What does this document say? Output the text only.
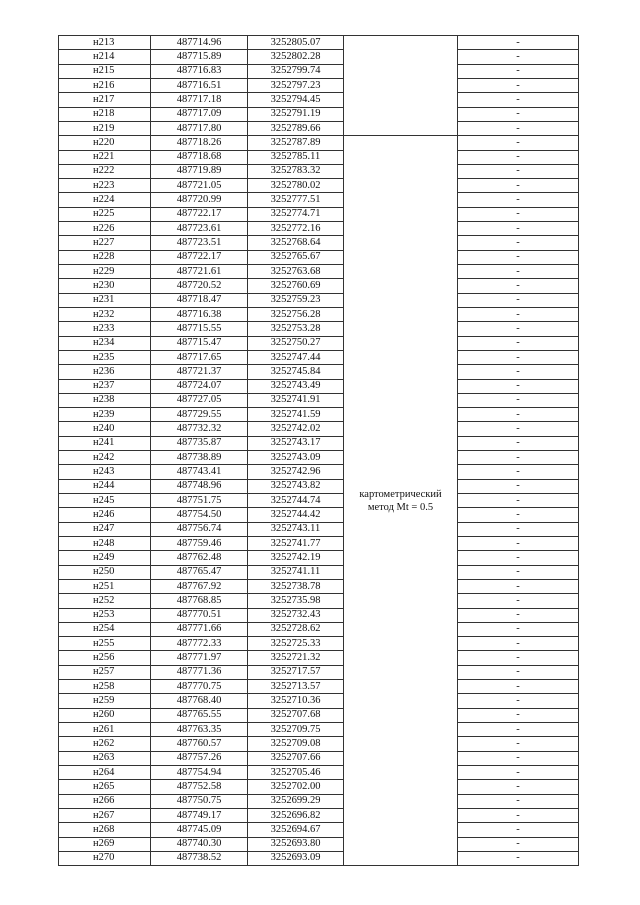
н213	487714.96	3252805.07		-
н214	487715.89	3252802.28		-
н215	487716.83	3252799.74		-
н216	487716.51	3252797.23		-
н217	487717.18	3252794.45		-
н218	487717.09	3252791.19		-
н219	487717.80	3252789.66		-
н220	487718.26	3252787.89	картометрический метод Mt = 0.5	-
н221	487718.68	3252785.11		-
н222	487719.89	3252783.32		-
н223	487721.05	3252780.02		-
н224	487720.99	3252777.51		-
н225	487722.17	3252774.71		-
н226	487723.61	3252772.16		-
н227	487723.51	3252768.64		-
н228	487722.17	3252765.67		-
н229	487721.61	3252763.68		-
н230	487720.52	3252760.69		-
н231	487718.47	3252759.23		-
н232	487716.38	3252756.28		-
н233	487715.55	3252753.28		-
н234	487715.47	3252750.27		-
н235	487717.65	3252747.44		-
н236	487721.37	3252745.84		-
н237	487724.07	3252743.49		-
н238	487727.05	3252741.91		-
н239	487729.55	3252741.59		-
н240	487732.32	3252742.02		-
н241	487735.87	3252743.17		-
н242	487738.89	3252743.09		-
н243	487743.41	3252742.96		-
н244	487748.96	3252743.82		-
н245	487751.75	3252744.74		-
н246	487754.50	3252744.42		-
н247	487756.74	3252743.11		-
н248	487759.46	3252741.77		-
н249	487762.48	3252742.19		-
н250	487765.47	3252741.11		-
н251	487767.92	3252738.78		-
н252	487768.85	3252735.98		-
н253	487770.51	3252732.43		-
н254	487771.66	3252728.62		-
н255	487772.33	3252725.33		-
н256	487771.97	3252721.32		-
н257	487771.36	3252717.57		-
н258	487770.75	3252713.57		-
н259	487768.40	3252710.36		-
н260	487765.55	3252707.68		-
н261	487763.35	3252709.75		-
н262	487760.57	3252709.08		-
н263	487757.26	3252707.66		-
н264	487754.94	3252705.46		-
н265	487752.58	3252702.00		-
н266	487750.75	3252699.29		-
н267	487749.17	3252696.82		-
н268	487745.09	3252694.67		-
н269	487740.30	3252693.80		-
н270	487738.52	3252693.09		-
